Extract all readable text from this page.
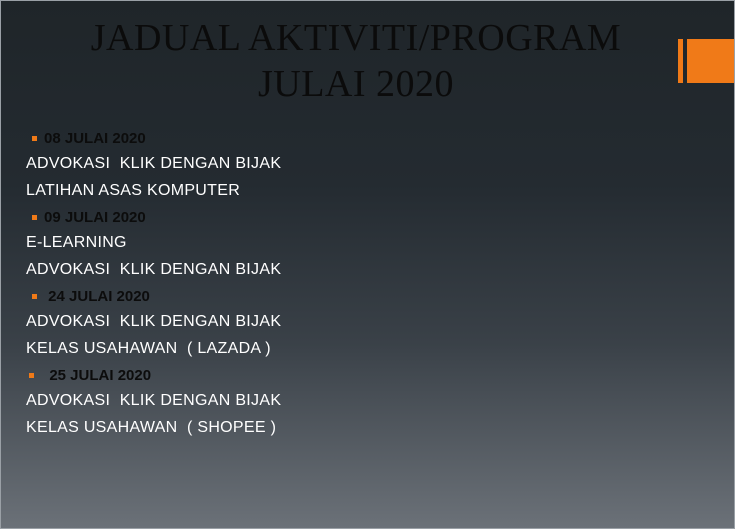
JADUAL AKTIVITI/PROGRAM
JULAI 2020
08 JULAI 2020
ADVOKASI  KLIK DENGAN BIJAK
LATIHAN ASAS KOMPUTER
09 JULAI 2020
E-LEARNING
ADVOKASI  KLIK DENGAN BIJAK
24 JULAI 2020
ADVOKASI  KLIK DENGAN BIJAK
KELAS USAHAWAN  ( LAZADA )
25 JULAI 2020
ADVOKASI  KLIK DENGAN BIJAK
KELAS USAHAWAN  ( SHOPEE )
